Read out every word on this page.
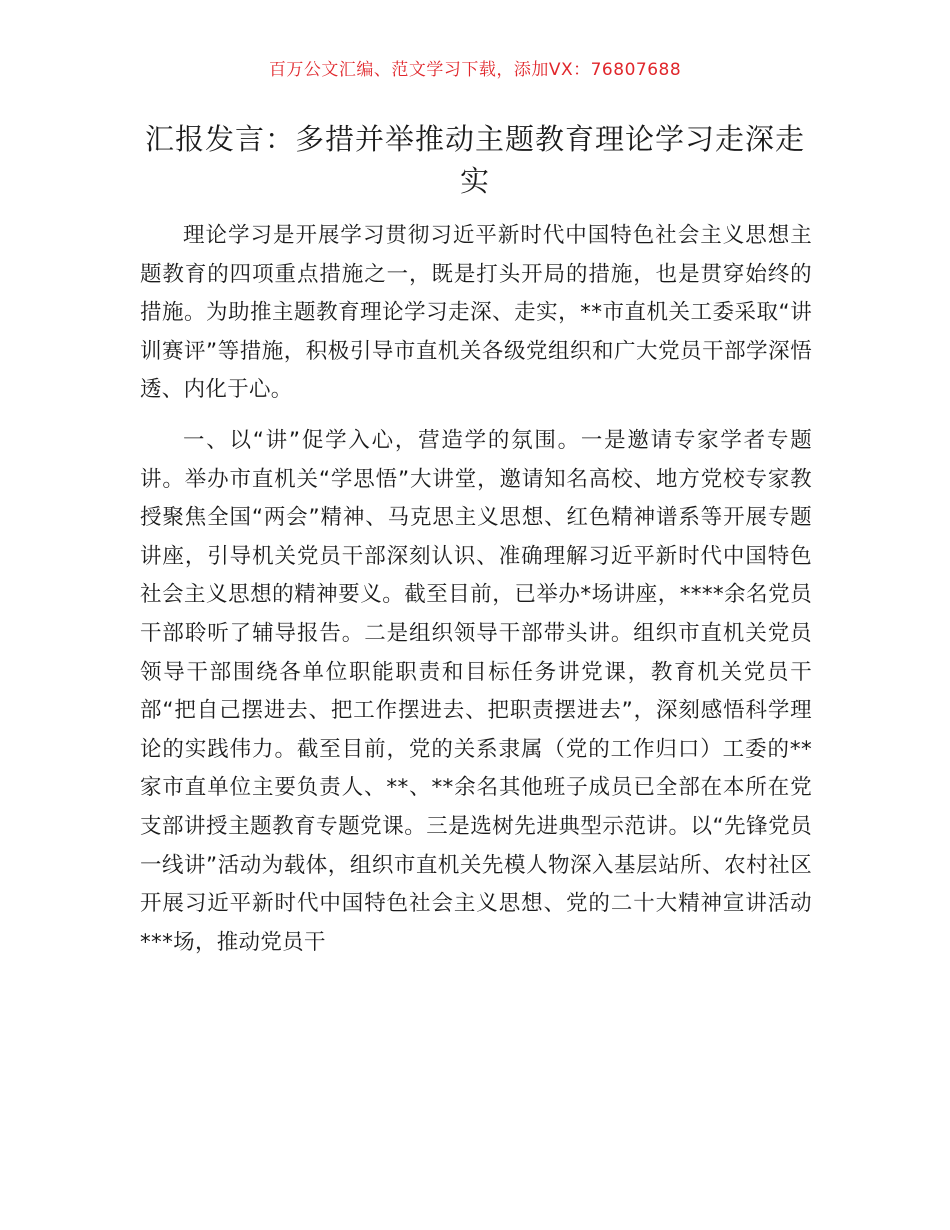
百万公文汇编、范文学习下载，添加VX：76807688
汇报发言：多措并举推动主题教育理论学习走深走实

理论学习是开展学习贯彻习近平新时代中国特色社会主义思想主题教育的四项重点措施之一，既是打头开局的措施，也是贯穿始终的措施。为助推主题教育理论学习走深、走实，**市直机关工委采取“讲训赛评”等措施，积极引导市直机关各级党组织和广大党员干部学深悟透、内化于心。

一、以“讲”促学入心，营造学的氛围。一是邀请专家学者专题讲。举办市直机关“学思悟”大讲堂，邀请知名高校、地方党校专家教授聚焦全国“两会”精神、马克思主义思想、红色精神谱系等开展专题讲座，引导机关党员干部深刻认识、准确理解习近平新时代中国特色社会主义思想的精神要义。截至目前，已举办*场讲座，****余名党员干部聆听了辅导报告。二是组织领导干部带头讲。组织市直机关党员领导干部围绕各单位职能职责和目标任务讲党课，教育机关党员干部“把自己摆进去、把工作摆进去、把职责摆进去”，深刻感悟科学理论的实践伟力。截至目前，党的关系隶属（党的工作归口）工委的**家市直单位主要负责人、**、**余名其他班子成员已全部在本所在党支部讲授主题教育专题党课。三是选树先进典型示范讲。以“先锋党员一线讲”活动为载体，组织市直机关先模人物深入基层站所、农村社区开展习近平新时代中国特色社会主义思想、党的二十大精神宣讲活动***场，推动党员干
